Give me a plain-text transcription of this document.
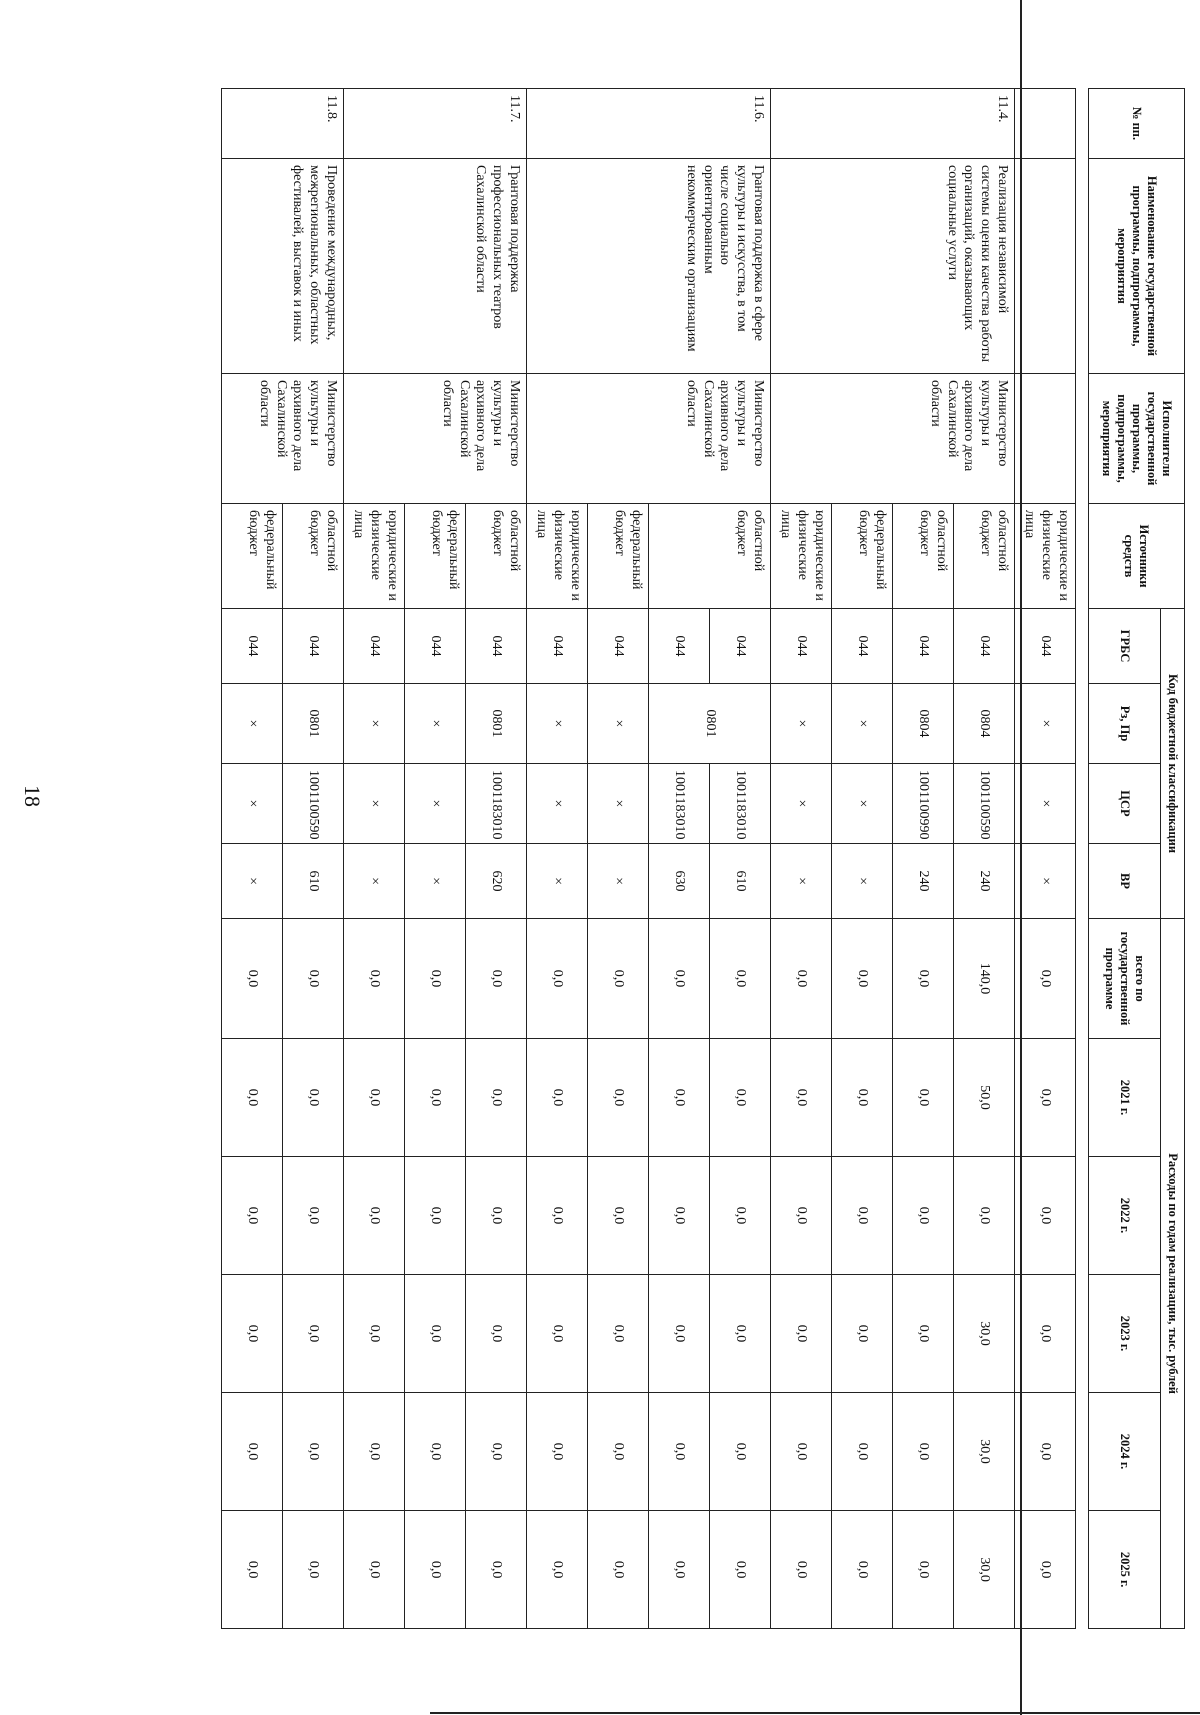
18
№ пп.	Наименование государственной программы, подпрограммы, мероприятия	Исполнители государственной программы, подпрограммы, мероприятия	Источники средств	Код бюджетной классификации				Расходы по годам реализации, тыс. рублей					
				ГРБС	Рз, Пр	ЦСР	ВР	всего по государственной программе	2021 г.	2022 г.	2023 г.	2024 г.	2025 г.

			юридические и физические лица	044	×	×	×	0,0	0,0	0,0	0,0	0,0	0,0
11.4.	Реализация независимой системы оценки качества работы организаций, оказывающих социальные услуги	Министерство культуры и архивного дела Сахалинской области	областной бюджет	044	0804	1001100590	240	140,0	50,0	0,0	30,0	30,0	30,0
			областной бюджет	044	0804	1001100990	240	0,0	0,0	0,0	0,0	0,0	0,0
			федеральный бюджет	044	×	×	×	0,0	0,0	0,0	0,0	0,0	0,0
			юридические и физические лица	044	×	×	×	0,0	0,0	0,0	0,0	0,0	0,0
11.6.	Грантовая поддержка в сфере культуры и искусства, в том числе социально ориентированным некоммерческим организациям	Министерство культуры и архивного дела Сахалинской области	областной бюджет	044	0801	1001183010	610	0,0	0,0	0,0	0,0	0,0	0,0
				044		1001183010	630	0,0	0,0	0,0	0,0	0,0	0,0
			федеральный бюджет	044	×	×	×	0,0	0,0	0,0	0,0	0,0	0,0
			юридические и физические лица	044	×	×	×	0,0	0,0	0,0	0,0	0,0	0,0
11.7.	Грантовая поддержка профессиональных театров Сахалинской области	Министерство культуры и архивного дела Сахалинской области	областной бюджет	044	0801	1001183010	620	0,0	0,0	0,0	0,0	0,0	0,0
			федеральный бюджет	044	×	×	×	0,0	0,0	0,0	0,0	0,0	0,0
			юридические и физические лица	044	×	×	×	0,0	0,0	0,0	0,0	0,0	0,0
11.8.	Проведение международных, межрегиональных, областных фестивалей, выставок и иных	Министерство культуры и архивного дела Сахалинской области	областной бюджет	044	0801	1001100590	610	0,0	0,0	0,0	0,0	0,0	0,0
			федеральный бюджет	044	×	×	×	0,0	0,0	0,0	0,0	0,0	0,0
